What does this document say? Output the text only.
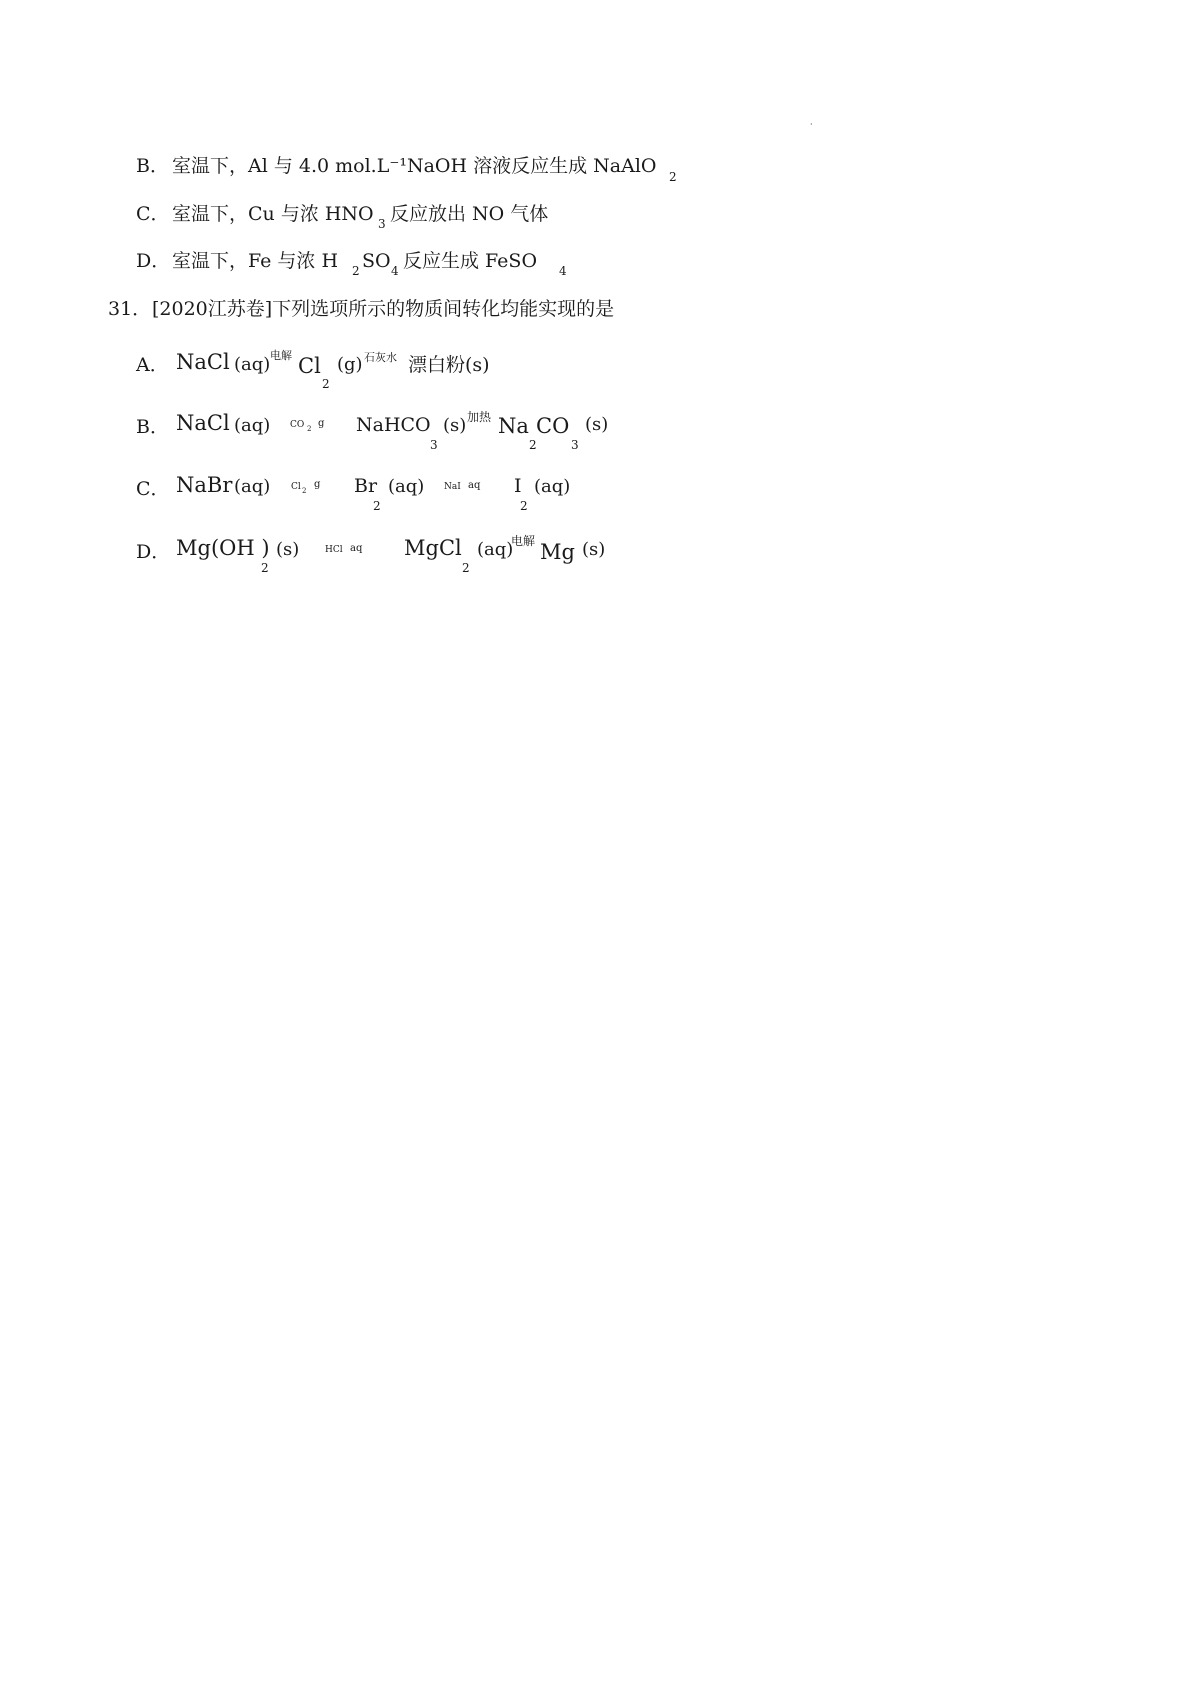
·
B． 室温下，Al 与 4.0 mol.L⁻¹NaOH 溶液反应生成 NaAlO 2
C． 室温下，Cu 与浓 HNO 3 反应放出 NO 气体
D． 室温下，Fe 与浓 H 2 SO 4 反应生成 FeSO 4
31． [2020江苏卷]下列选项所示的物质间转化均能实现的是
A． NaCl (aq) 电解 Cl
2
(g) 石灰水 漂白粉(s)
B． NaCl (aq) CO 2 g NaHCO
3
(s) 加热 Na
2
CO
3
(s)
C． NaBr (aq) Cl 2
g Br
2
(aq) NaI aq I
2
(aq)
D． Mg(OH )
2
(s)	HCl aq MgCl
2
(aq)
电解 Mg (s)
